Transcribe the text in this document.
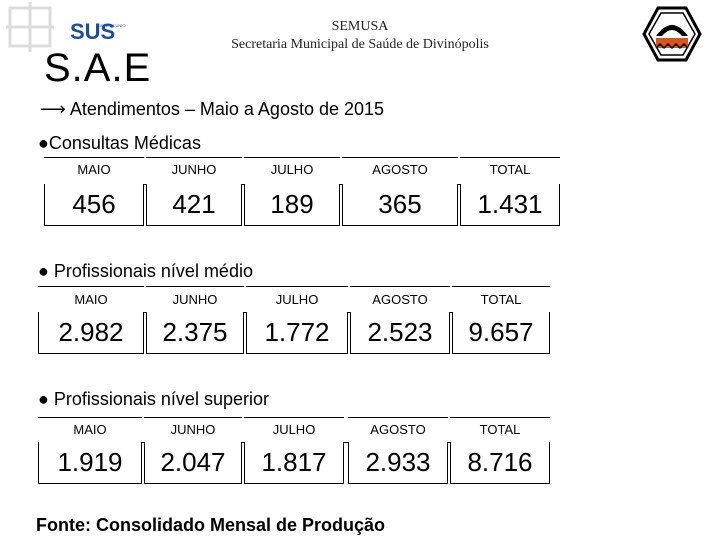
SUS
SISTEMA ÚNIC
S.A.E
SEMUSA
Secretaria Municipal de Saúde de Divinópolis
⟶ Atendimentos – Maio a Agosto de 2015
●Consultas Médicas
MAIO	JUNHO	JULHO	AGOSTO	TOTAL
456	421	189	365	1.431
● Profissionais nível médio
MAIO	JUNHO	JULHO	AGOSTO	TOTAL
2.982	2.375	1.772	2.523	9.657
● Profissionais nível superior
MAIO	JUNHO	JULHO	AGOSTO	TOTAL
1.919	2.047	1.817	2.933	8.716
Fonte: Consolidado Mensal de Produção
